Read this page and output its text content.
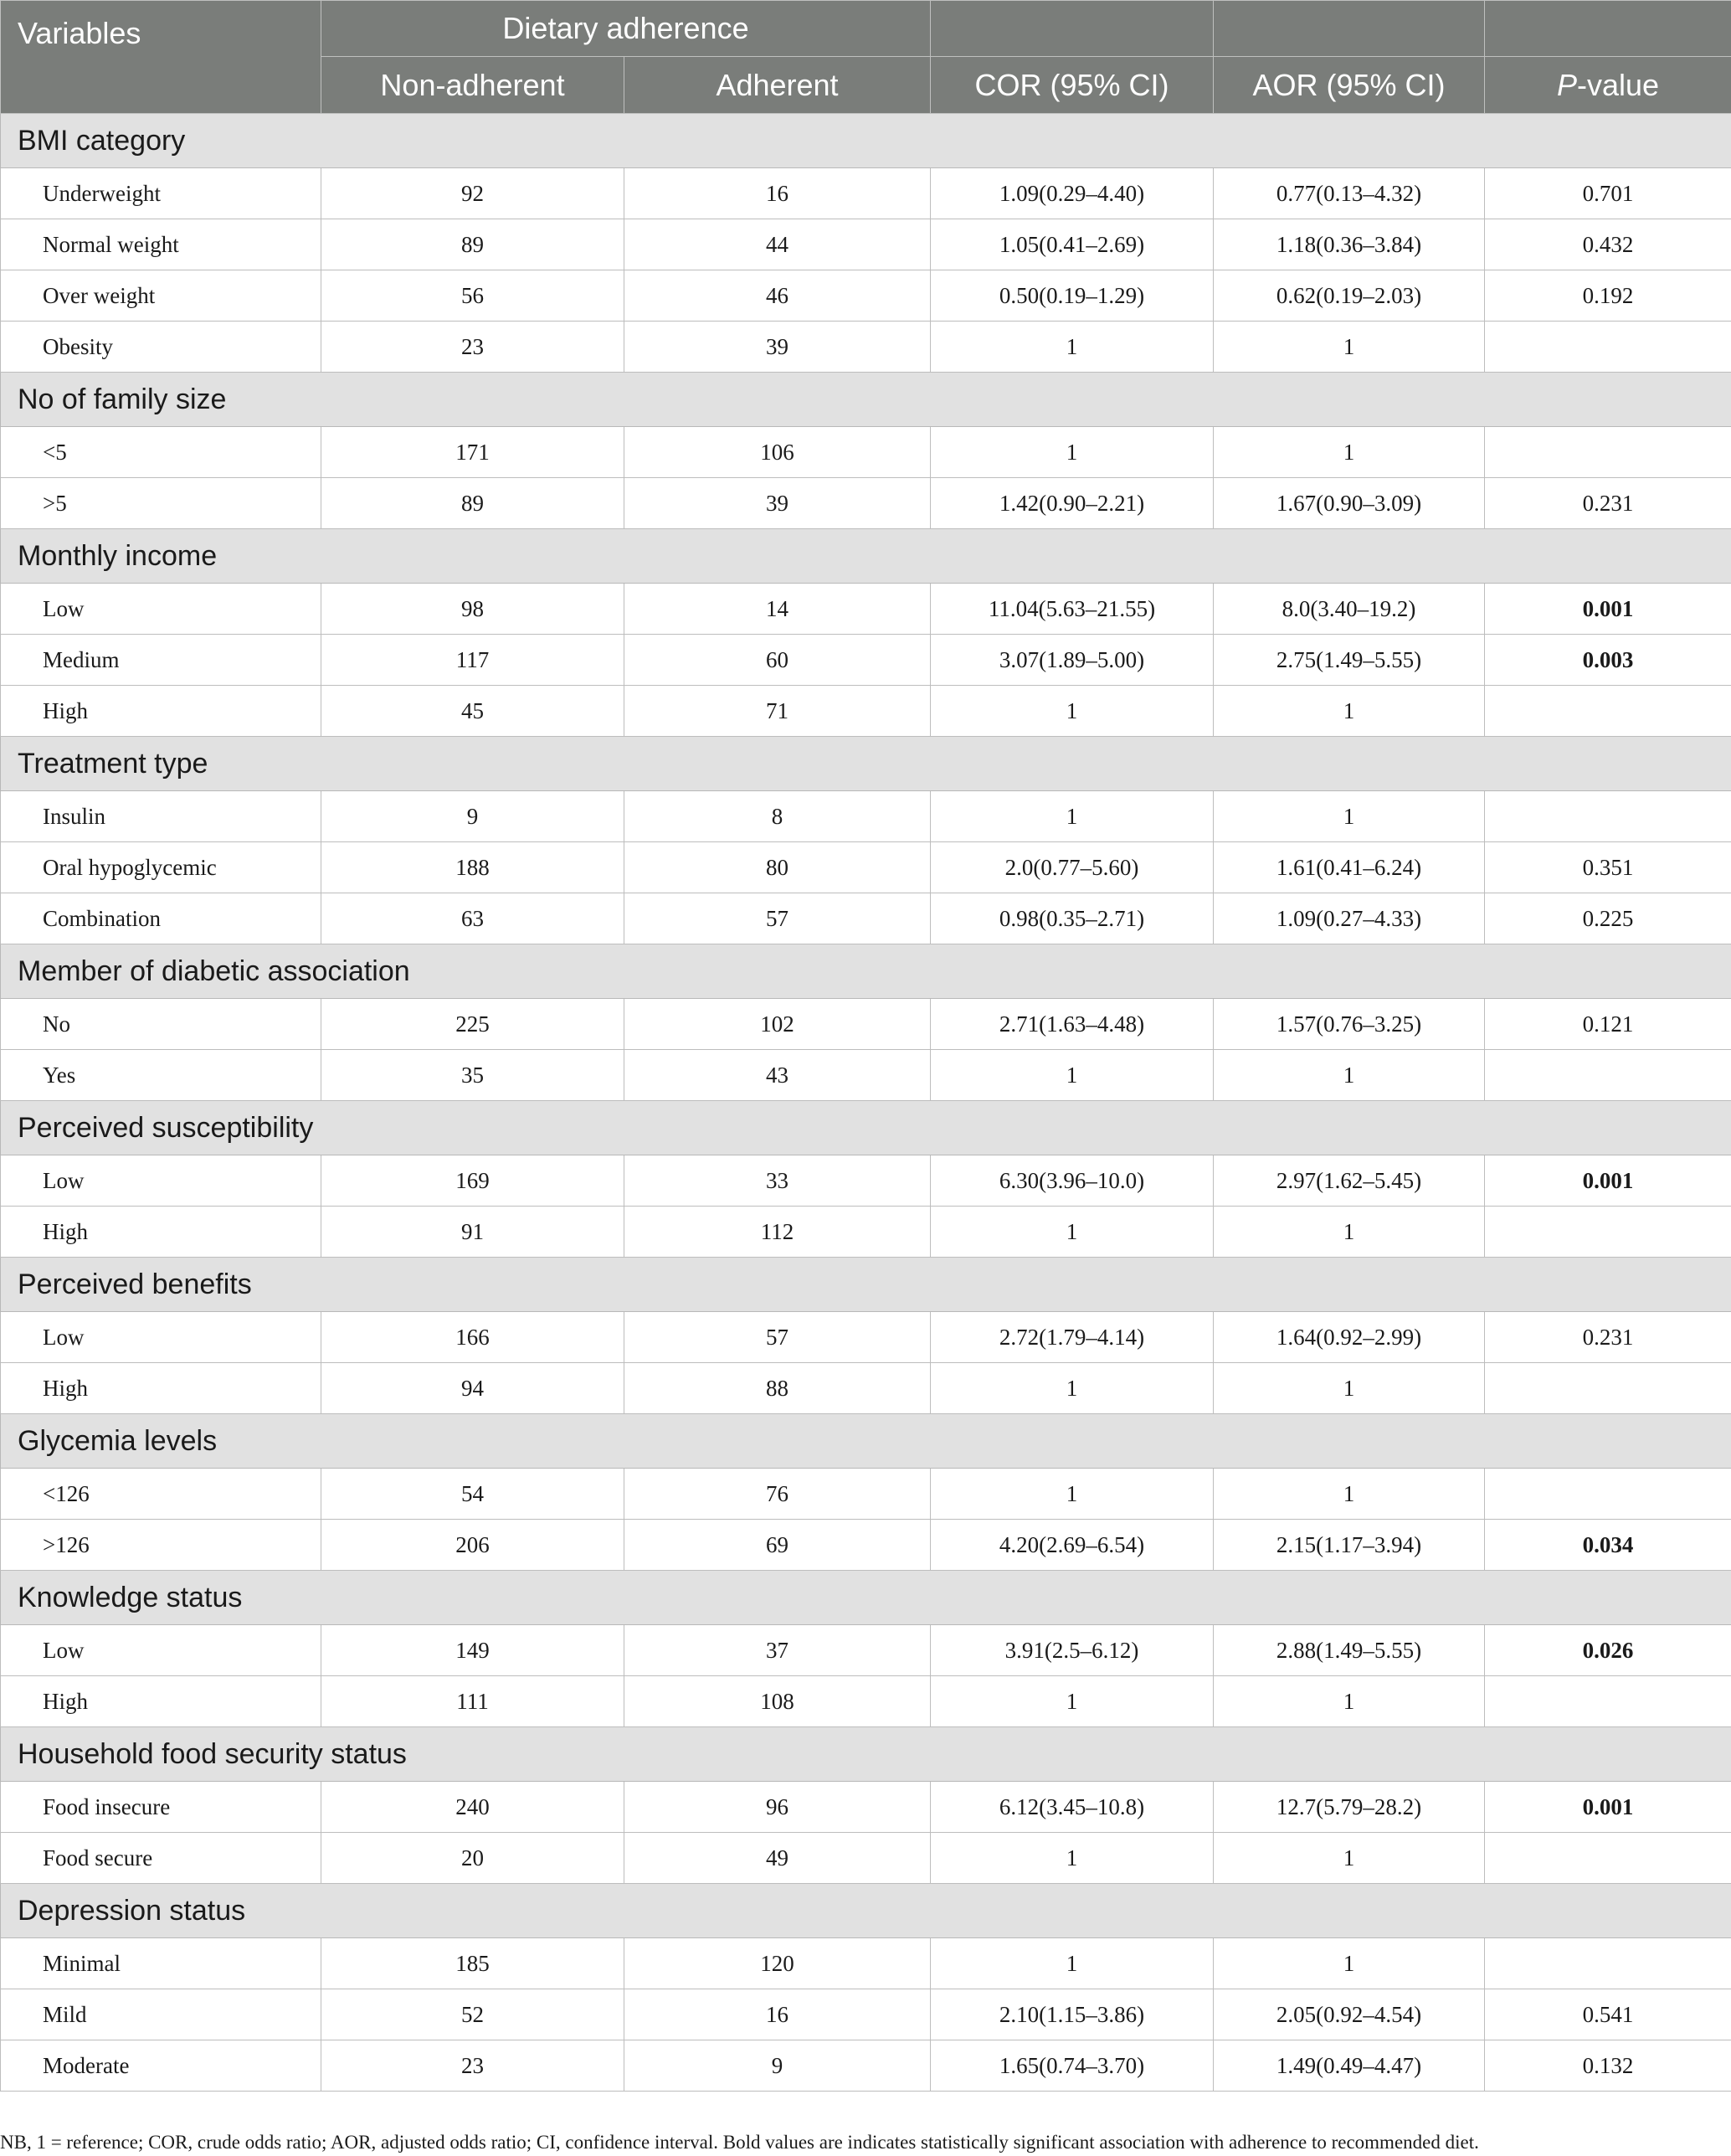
Variables	Dietary adherence				
	Non-adherent	Adherent	COR (95% CI)	AOR (95% CI)	P-value
BMI category					
Underweight	92	16	1.09(0.29–4.40)	0.77(0.13–4.32)	0.701
Normal weight	89	44	1.05(0.41–2.69)	1.18(0.36–3.84)	0.432
Over weight	56	46	0.50(0.19–1.29)	0.62(0.19–2.03)	0.192
Obesity	23	39	1	1	
No of family size					
<5	171	106	1	1	
>5	89	39	1.42(0.90–2.21)	1.67(0.90–3.09)	0.231
Monthly income					
Low	98	14	11.04(5.63–21.55)	8.0(3.40–19.2)	0.001
Medium	117	60	3.07(1.89–5.00)	2.75(1.49–5.55)	0.003
High	45	71	1	1	
Treatment type					
Insulin	9	8	1	1	
Oral hypoglycemic	188	80	2.0(0.77–5.60)	1.61(0.41–6.24)	0.351
Combination	63	57	0.98(0.35–2.71)	1.09(0.27–4.33)	0.225
Member of diabetic association					
No	225	102	2.71(1.63–4.48)	1.57(0.76–3.25)	0.121
Yes	35	43	1	1	
Perceived susceptibility					
Low	169	33	6.30(3.96–10.0)	2.97(1.62–5.45)	0.001
High	91	112	1	1	
Perceived benefits					
Low	166	57	2.72(1.79–4.14)	1.64(0.92–2.99)	0.231
High	94	88	1	1	
Glycemia levels					
<126	54	76	1	1	
>126	206	69	4.20(2.69–6.54)	2.15(1.17–3.94)	0.034
Knowledge status					
Low	149	37	3.91(2.5–6.12)	2.88(1.49–5.55)	0.026
High	111	108	1	1	
Household food security status					
Food insecure	240	96	6.12(3.45–10.8)	12.7(5.79–28.2)	0.001
Food secure	20	49	1	1	
Depression status					
Minimal	185	120	1	1	
Mild	52	16	2.10(1.15–3.86)	2.05(0.92–4.54)	0.541
Moderate	23	9	1.65(0.74–3.70)	1.49(0.49–4.47)	0.132
NB, 1 = reference; COR, crude odds ratio; AOR, adjusted odds ratio; CI, confidence interval. Bold values are indicates statistically significant association with adherence to recommended diet.
